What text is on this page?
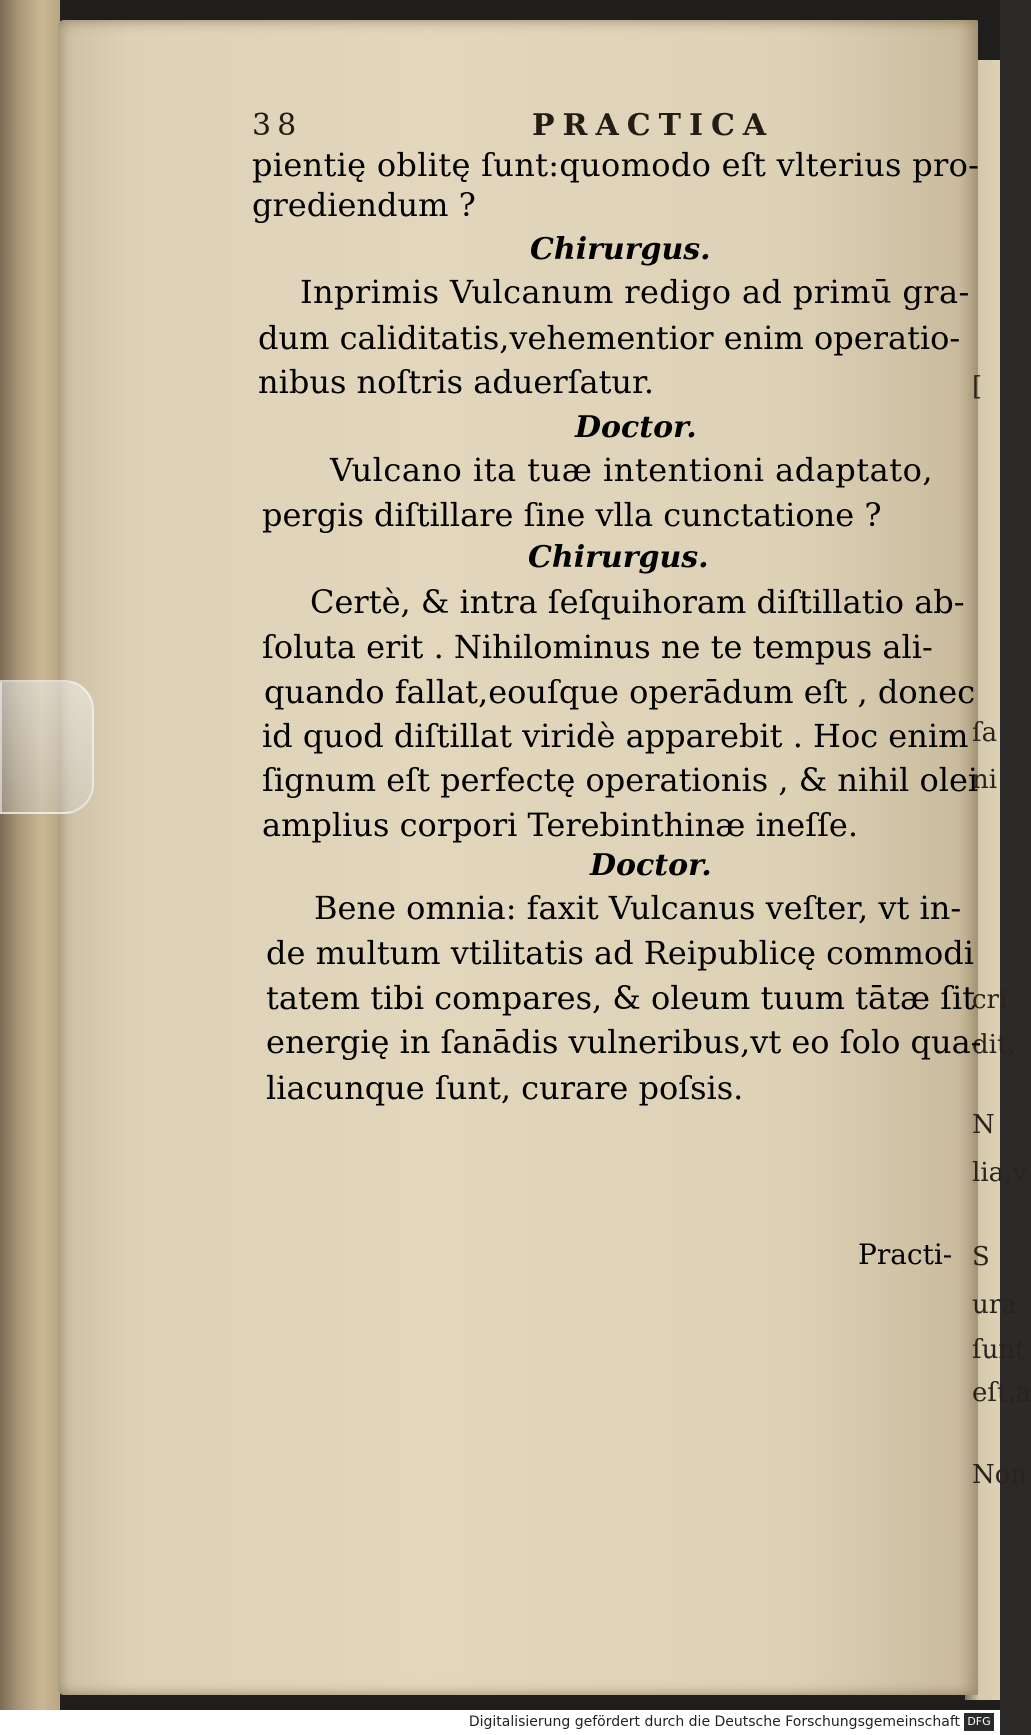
[
ſa
ni
cri
dit,
N
lia,v
S
ura
ſunt
eſt,a
Non
38	PRACTICA
pientię oblitę ſunt:quomodo eſt vlterius pro-
grediendum ?
Chirurgus.
Inprimis Vulcanum redigo ad primū gra-
dum caliditatis,vehementior enim operatio-
nibus noſtris aduerſatur.
Doctor.
Vulcano ita tuæ intentioni adaptato,
pergis diſtillare ſine vlla cunctatione ?
Chirurgus.
Certè, & intra ſeſquihoram diſtillatio ab-
ſoluta erit . Nihilominus ne te tempus ali-
quando fallat,eouſque operādum eſt , donec
id quod diſtillat viridè apparebit . Hoc enim
ſignum eſt perfectę operationis , & nihil olei
amplius corpori Terebinthinæ ineſſe.
Doctor.
Bene omnia: faxit Vulcanus veſter, vt in-
de multum vtilitatis ad Reipublicę commodi
tatem tibi compares, & oleum tuum tātæ ſit
energię in ſanādis vulneribus,vt eo ſolo qua-
liacunque ſunt, curare poſsis.
Practi-
Digitalisierung gefördert durch die Deutsche Forschungsgemeinschaft DFG
